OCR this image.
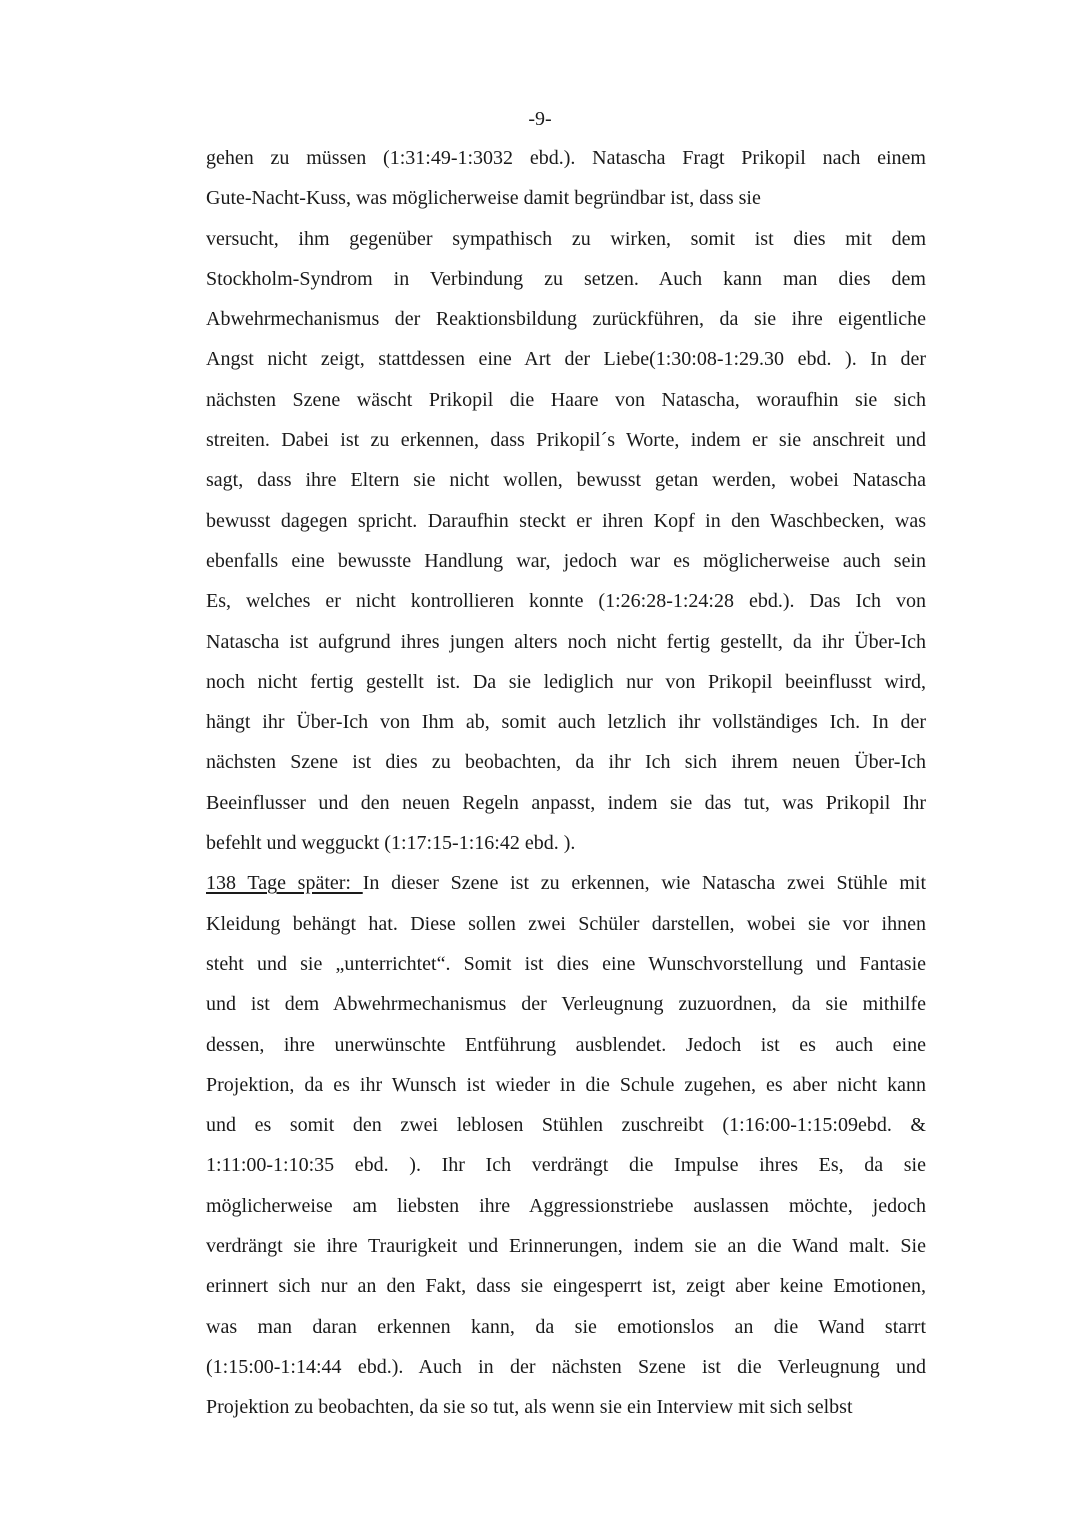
-9-
gehen zu müssen (1:31:49-1:3032 ebd.). Natascha Fragt Prikopil nach einem
Gute-Nacht-Kuss, was möglicherweise damit begründbar ist, dass sie
versucht, ihm gegenüber sympathisch zu wirken, somit ist dies mit dem
Stockholm-Syndrom in Verbindung zu setzen. Auch kann man dies dem
Abwehrmechanismus der Reaktionsbildung zurückführen, da sie ihre eigentliche
Angst nicht zeigt, stattdessen eine Art der Liebe(1:30:08-1:29.30 ebd. ). In der
nächsten Szene wäscht Prikopil die Haare von Natascha, woraufhin sie sich
streiten. Dabei ist zu erkennen, dass Prikopil´s Worte, indem er sie anschreit und
sagt, dass ihre Eltern sie nicht wollen, bewusst getan werden, wobei Natascha
bewusst dagegen spricht. Daraufhin steckt er ihren Kopf in den Waschbecken, was
ebenfalls eine bewusste Handlung war, jedoch war es möglicherweise auch sein
Es, welches er nicht kontrollieren konnte (1:26:28-1:24:28 ebd.). Das Ich von
Natascha ist aufgrund ihres jungen alters noch nicht fertig gestellt, da ihr Über-Ich
noch nicht fertig gestellt ist. Da sie lediglich nur von Prikopil beeinflusst wird,
hängt ihr Über-Ich von Ihm ab, somit auch letzlich ihr vollständiges Ich. In der
nächsten Szene ist dies zu beobachten, da ihr Ich sich ihrem neuen Über-Ich
Beeinflusser und den neuen Regeln anpasst, indem sie das tut, was Prikopil Ihr
befehlt und wegguckt (1:17:15-1:16:42 ebd. ).
138 Tage später: In dieser Szene ist zu erkennen, wie Natascha zwei Stühle mit
Kleidung behängt hat. Diese sollen zwei Schüler darstellen, wobei sie vor ihnen
steht und sie „unterrichtet“. Somit ist dies eine Wunschvorstellung und Fantasie
und ist dem Abwehrmechanismus der Verleugnung zuzuordnen, da sie mithilfe
dessen, ihre unerwünschte Entführung ausblendet. Jedoch ist es auch eine
Projektion, da es ihr Wunsch ist wieder in die Schule zugehen, es aber nicht kann
und es somit den zwei leblosen Stühlen zuschreibt (1:16:00-1:15:09ebd. &
1:11:00-1:10:35 ebd. ). Ihr Ich verdrängt die Impulse ihres Es, da sie
möglicherweise am liebsten ihre Aggressionstriebe auslassen möchte, jedoch
verdrängt sie ihre Traurigkeit und Erinnerungen, indem sie an die Wand malt. Sie
erinnert sich nur an den Fakt, dass sie eingesperrt ist, zeigt aber keine Emotionen,
was man daran erkennen kann, da sie emotionslos an die Wand starrt
(1:15:00-1:14:44 ebd.). Auch in der nächsten Szene ist die Verleugnung und
Projektion zu beobachten, da sie so tut, als wenn sie ein Interview mit sich selbst
